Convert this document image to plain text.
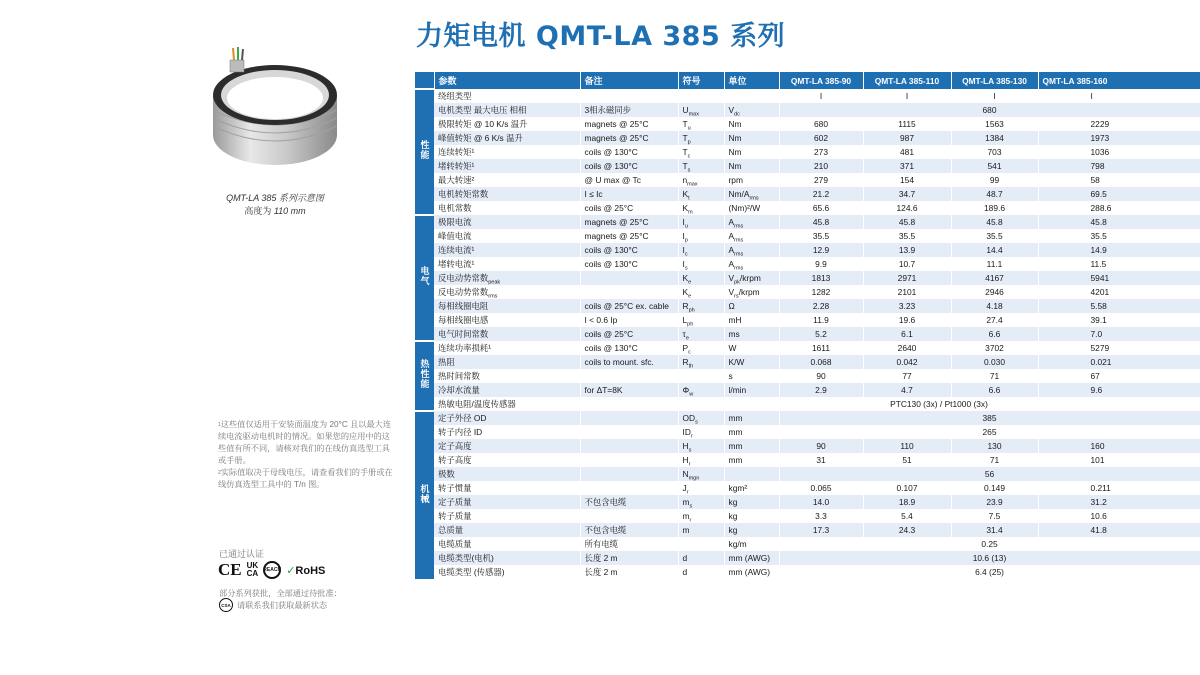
力矩电机 QMT-LA 385 系列
QMT-LA 385 系列示意图
高度为 110 mm

$^1$这些值仅适用于安装面温度为 20°C 且以最大连续电流驱动电机时的情况。如果您的应用中的这些值有所不同，请核对我们的在线仿真选型工具或手册。

$^2$实际值取决于母线电压，请查看我们的手册或在线仿真选型工具中的 T/n 图。

已通过认证
CE UK
CA REACH ✓RoHS
部分系列获批，全部通过待批准：
CSA 请联系我们获取最新状态
	参数	备注	符号	单位	QMT-LA 385-90	QMT-LA 385-110	QMT-LA 385-130	QMT-LA 385-160
性能	绕组类型				I	I	I	I
	电机类型 最大电压 相相	3相永磁同步	$U_{max}$	$V_{dc}$	680			
	极限转矩 @ 10 K/s 温升	magnets @ 25°C	$T_u$	Nm	680	1115	1563	2229
	峰值转矩 @ 6 K/s 温升	magnets @ 25°C	$T_p$	Nm	602	987	1384	1973
	连续转矩¹	coils @ 130°C	$T_c$	Nm	273	481	703	1036
	堵转转矩¹	coils @ 130°C	$T_s$	Nm	210	371	541	798
	最大转速²	@ U max @ Tc	$n_{max}$	rpm	279	154	99	58
	电机转矩常数	I ≤ Ic	$K_t$	$Nm/A_{rms}$	21.2	34.7	48.7	69.5
	电机常数	coils @ 25°C	$K_m$	(Nm)²/W	65.6	124.6	189.6	288.6
电气	极限电流	magnets @ 25°C	$I_u$	$A_{rms}$	45.8	45.8	45.8	45.8
	峰值电流	magnets @ 25°C	$I_p$	$A_{rms}$	35.5	35.5	35.5	35.5
	连续电流¹	coils @ 130°C	$I_c$	$A_{rms}$	12.9	13.9	14.4	14.9
	堵转电流¹	coils @ 130°C	$I_s$	$A_{rms}$	9.9	10.7	11.1	11.5
	反电动势常数$_{peak}$		$K_e$	$V_{pk}$/krpm	1813	2971	4167	5941
	反电动势常数$_{rms}$		$K_e$	$V_{rs}$/krpm	1282	2101	2946	4201
	每相线圈电阻	coils @ 25°C ex. cable	$R_{ph}$	Ω	2.28	3.23	4.18	5.58
	每相线圈电感	I < 0.6 Ip	$L_{ph}$	mH	11.9	19.6	27.4	39.1
	电气时间常数	coils @ 25°C	$\tau_e$	ms	5.2	6.1	6.6	7.0
热性能	连续功率损耗¹	coils @ 130°C	$P_c$	W	1611	2640	3702	5279
	热阻	coils to mount. sfc.	$R_{th}$	K/W	0.068	0.042	0.030	0.021
	热时间常数			s	90	77	71	67
	冷却水流量	for ΔT=8K	$\Phi_w$	l/min	2.9	4.7	6.6	9.6
	热敏电阻/温度传感器		PTC130 (3x) / Pt1000 (3x)					
机械	定子外径 OD		$OD_s$	mm	385			
	转子内径 ID		$ID_r$	mm	265			
	定子高度		$H_s$	mm	90	110	130	160
	转子高度		$H_r$	mm	31	51	71	101
	极数		$N_{mgn}$		56			
	转子惯量		$J_r$	kgm²	0.065	0.107	0.149	0.211
	定子质量	不包含电缆	$m_s$	kg	14.0	18.9	23.9	31.2
	转子质量		$m_r$	kg	3.3	5.4	7.5	10.6
	总质量	不包含电缆	m	kg	17.3	24.3	31.4	41.8
	电缆质量	所有电缆		kg/m	0.25			
	电缆类型(电机)	长度 2 m	d	mm (AWG)	10.6 (13)			
	电缆类型 (传感器)	长度 2 m	d	mm (AWG)	6.4 (25)			
